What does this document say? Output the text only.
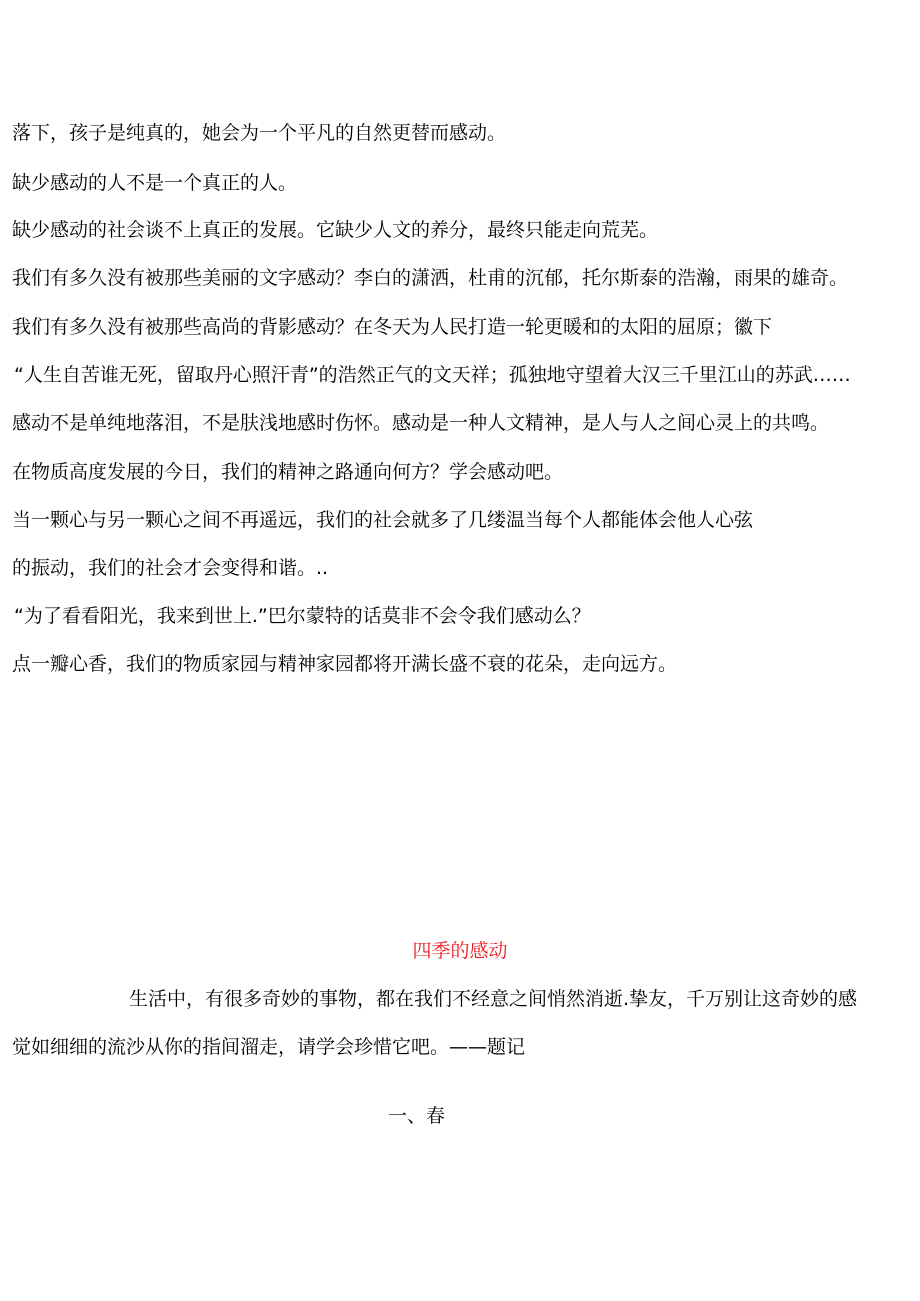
落下，孩子是纯真的，她会为一个平凡的自然更替而感动。

缺少感动的人不是一个真正的人。

缺少感动的社会谈不上真正的发展。它缺少人文的养分，最终只能走向荒芜。

我们有多久没有被那些美丽的文字感动？李白的潇洒，杜甫的沉郁，托尔斯泰的浩瀚，雨果的雄奇。

我们有多久没有被那些高尚的背影感动？在冬天为人民打造一轮更暖和的太阳的屈原；徽下

“人生自苦谁无死，留取丹心照汗青”的浩然正气的文天祥；孤独地守望着大汉三千里江山的苏武……

感动不是单纯地落泪，不是肤浅地感时伤怀。感动是一种人文精神，是人与人之间心灵上的共鸣。

在物质高度发展的今日，我们的精神之路通向何方？学会感动吧。

当一颗心与另一颗心之间不再遥远，我们的社会就多了几缕温当每个人都能体会他人心弦

的振动，我们的社会才会变得和谐。..

“为了看看阳光，我来到世上.”巴尔蒙特的话莫非不会令我们感动么？

点一瓣心香，我们的物质家园与精神家园都将开满长盛不衰的花朵，走向远方。

四季的感动

生活中，有很多奇妙的事物，都在我们不经意之间悄然消逝.挚友，千万别让这奇妙的感

觉如细细的流沙从你的指间溜走，请学会珍惜它吧。——题记

一、春
